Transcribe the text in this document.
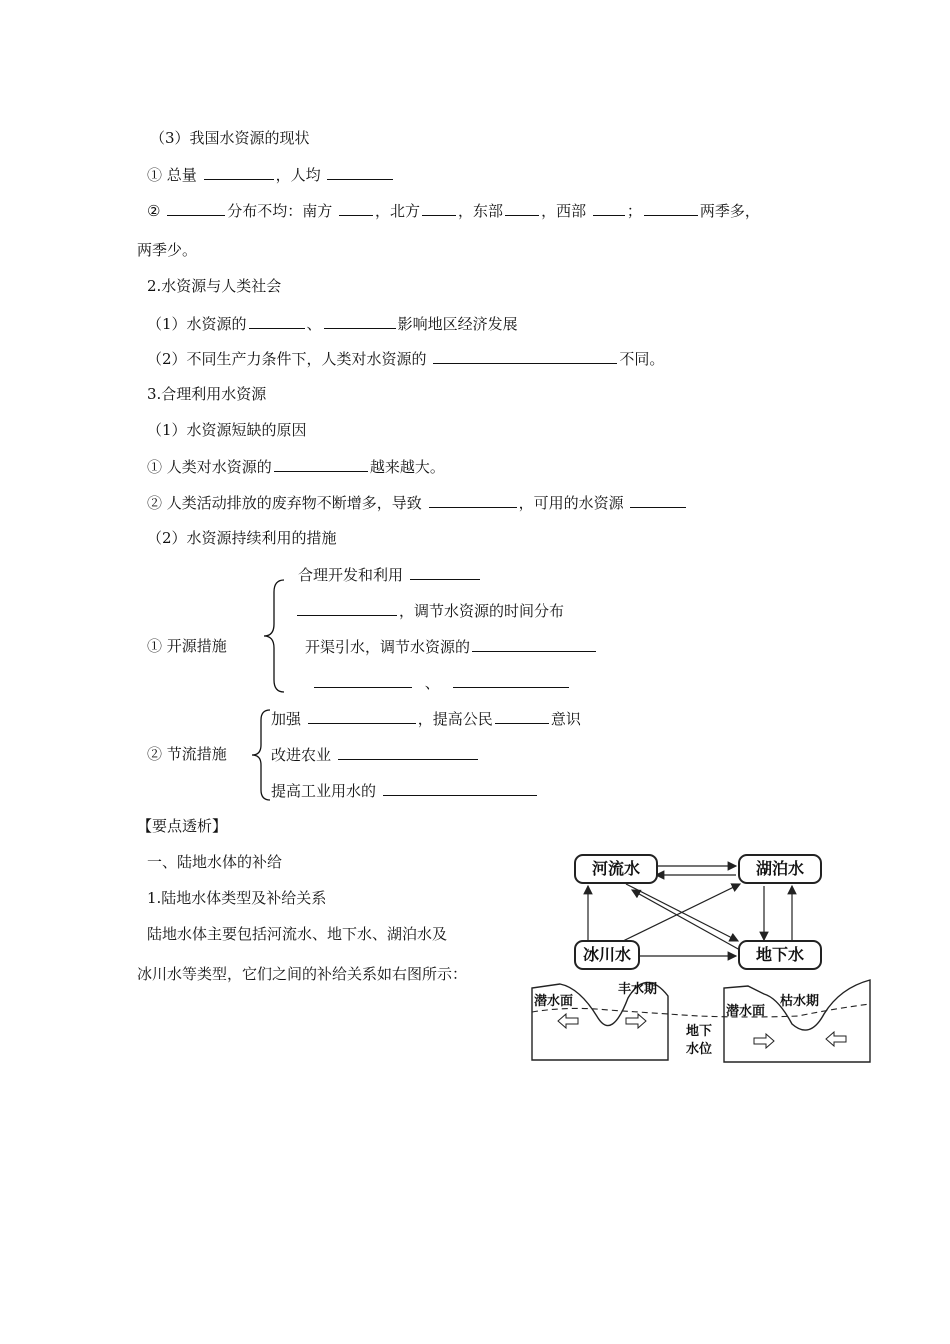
（3）我国水资源的现状
① 总量	，人均
②	分布不均：南方	，北方	，东部	，西部	；	两季多，
两季少。
2.水资源与人类社会
（1）水资源的	、	影响地区经济发展
（2）不同生产力条件下，人类对水资源的	不同。
3.合理利用水资源
（1）水资源短缺的原因
① 人类对水资源的	越来越大。
② 人类活动排放的废弃物不断增多，导致	，可用的水资源
（2）水资源持续利用的措施
① 开源措施
合理开发和利用
，调节水资源的时间分布
开渠引水，调节水资源的
、
② 节流措施
加强	，提高公民	意识
改进农业
提高工业用水的
【要点透析】
一、陆地水体的补给
1.陆地水体类型及补给关系
陆地水体主要包括河流水、地下水、湖泊水及
冰川水等类型，它们之间的补给关系如右图所示：
河流水	湖泊水
冰川水	地下水
潜水面
丰水期
潜水面
枯水期
地下
水位
